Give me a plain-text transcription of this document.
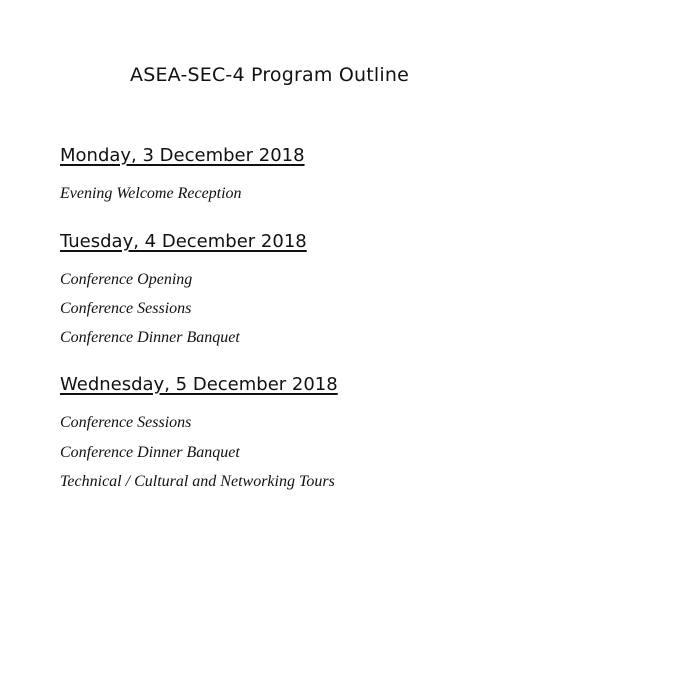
ASEA-SEC-4 Program Outline
Monday, 3 December 2018
Evening Welcome Reception
Tuesday, 4 December 2018
Conference Opening
Conference Sessions
Conference Dinner Banquet
Wednesday, 5 December 2018
Conference Sessions
Conference Dinner Banquet
Technical / Cultural and Networking Tours
